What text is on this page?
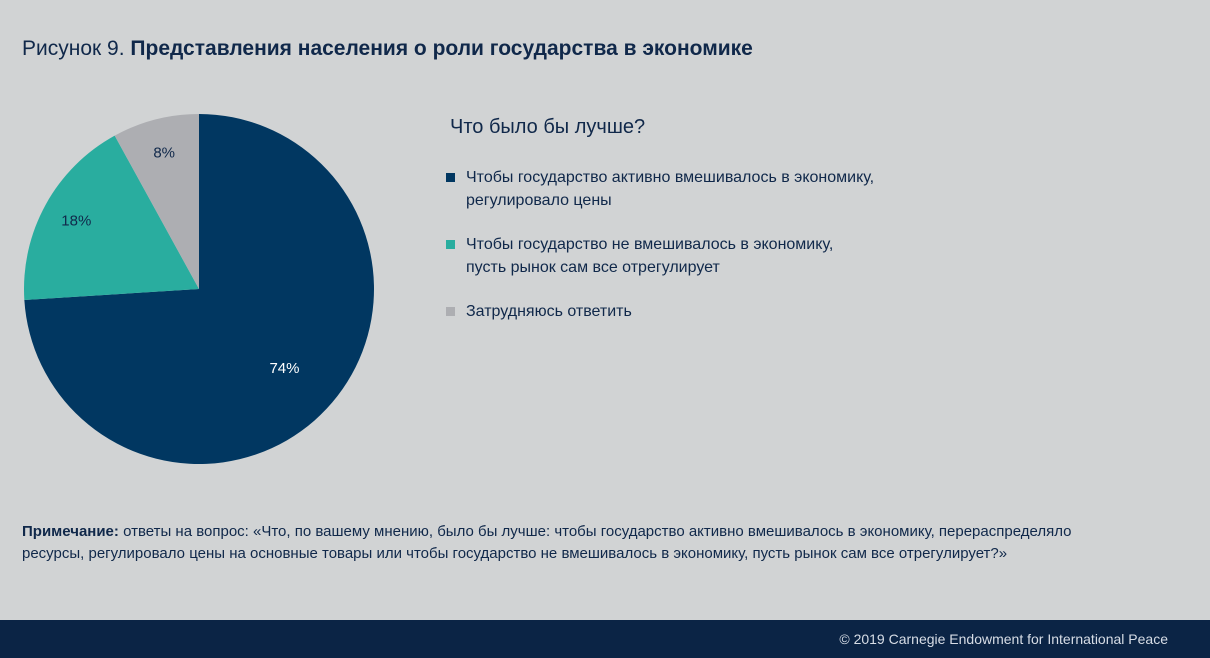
Рисунок 9. Представления населения о роли государства в экономике
74%
18%
8%
Что было бы лучше?
Чтобы государство активно вмешивалось в экономику,
регулировало цены
Чтобы государство не вмешивалось в экономику,
пусть рынок сам все отрегулирует
Затрудняюсь ответить
Примечание: ответы на вопрос: «Что, по вашему мнению, было бы лучше: чтобы государство активно вмешивалось в экономику, перераспределяло ресурсы, регулировало цены на основные товары или чтобы государство не вмешивалось в экономику, пусть рынок сам все отрегулирует?»
© 2019 Carnegie Endowment for International Peace
